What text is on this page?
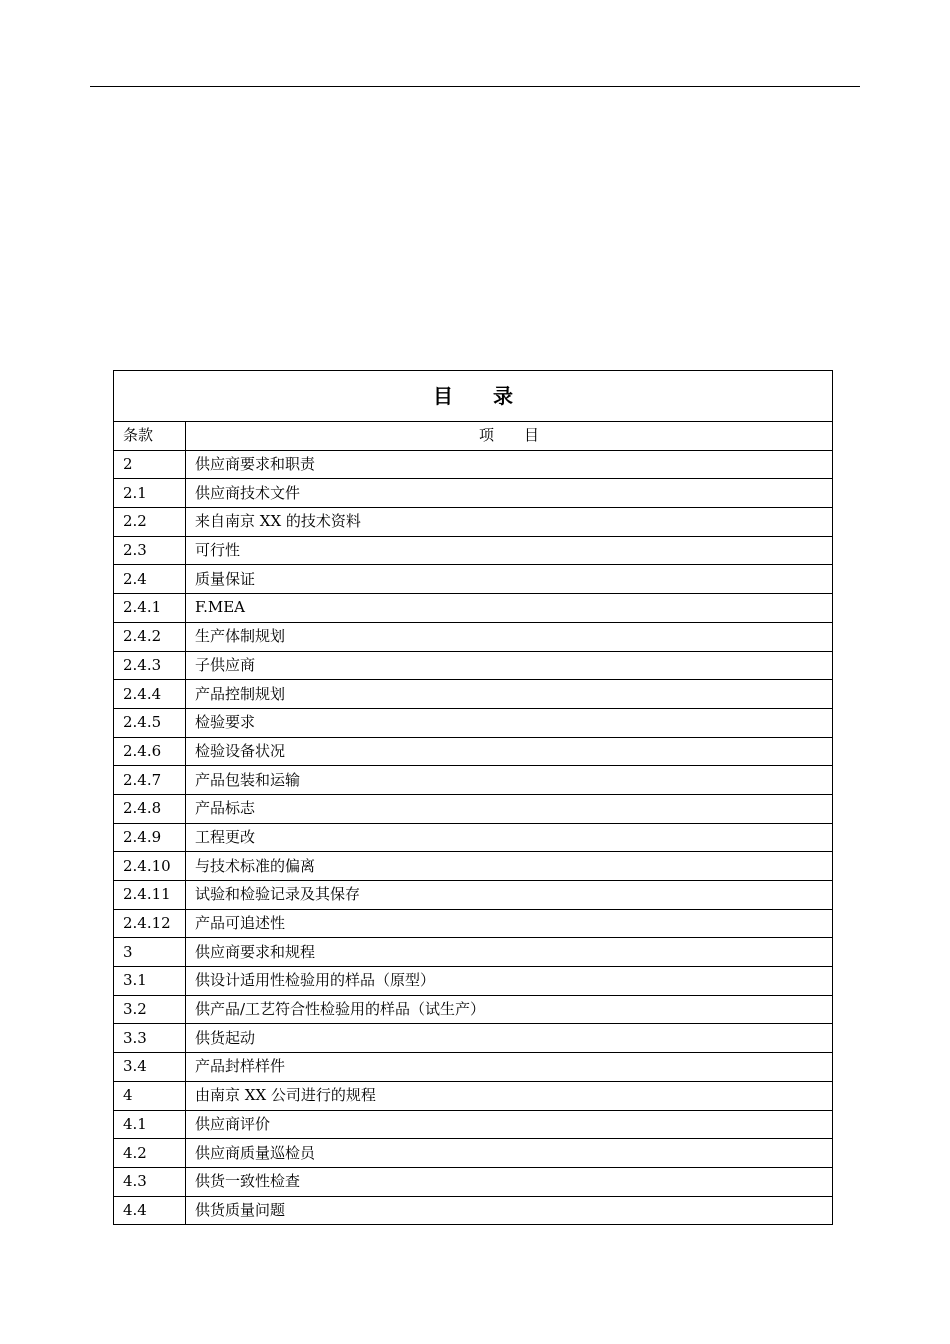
目　　录	
条款	项　　目
2	供应商要求和职责
2.1	供应商技术文件
2.2	来自南京 XX 的技术资料
2.3	可行性
2.4	质量保证
2.4.1	F.MEA
2.4.2	生产体制规划
2.4.3	子供应商
2.4.4	产品控制规划
2.4.5	检验要求
2.4.6	检验设备状况
2.4.7	产品包装和运输
2.4.8	产品标志
2.4.9	工程更改
2.4.10	与技术标准的偏离
2.4.11	试验和检验记录及其保存
2.4.12	产品可追述性
3	供应商要求和规程
3.1	供设计适用性检验用的样品（原型）
3.2	供产品/工艺符合性检验用的样品（试生产）
3.3	供货起动
3.4	产品封样样件
4	由南京 XX 公司进行的规程
4.1	供应商评价
4.2	供应商质量巡检员
4.3	供货一致性检查
4.4	供货质量问题
